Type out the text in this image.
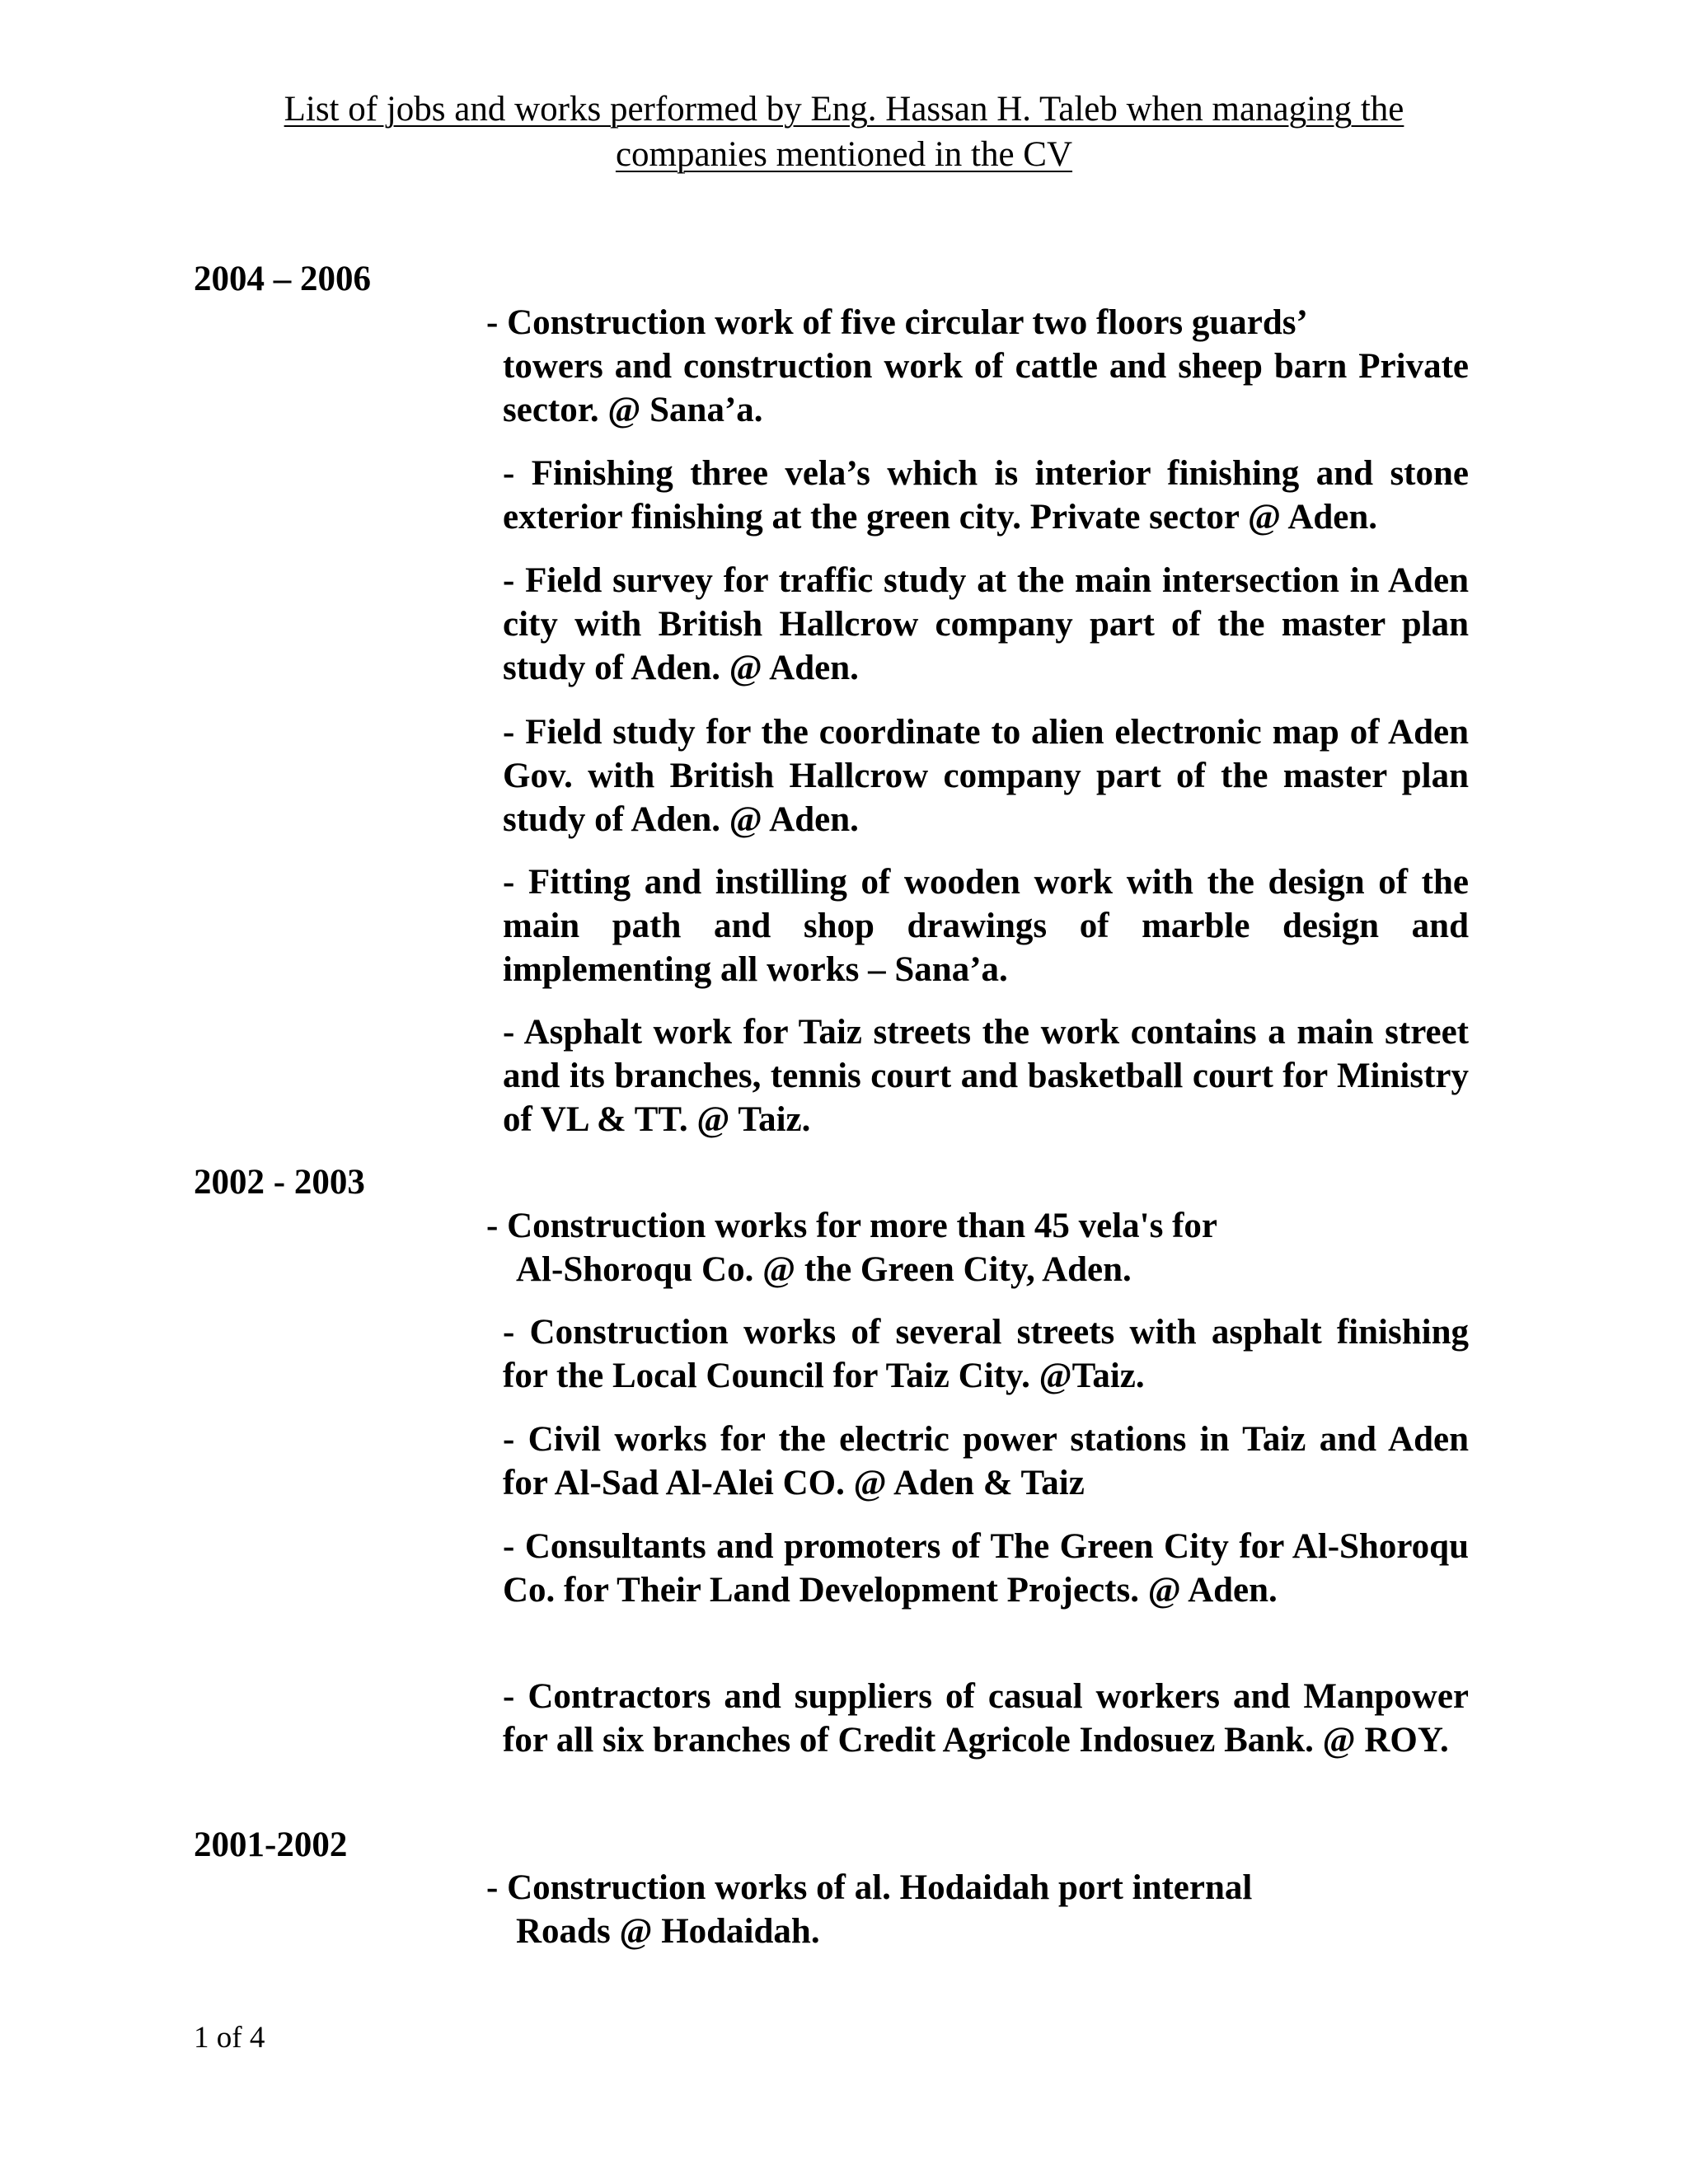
List of jobs and works performed by Eng. Hassan H. Taleb when managing the
companies mentioned in the CV
2004 – 2006
- Construction work of five circular two floors guards’
towers and construction work of cattle and sheep barn Private sector. @ Sana’a.
- Finishing three vela’s which is interior finishing and stone exterior finishing at the green city. Private sector @ Aden.
- Field survey for traffic study at the main intersection in Aden city with British Hallcrow company part of the master plan study of Aden. @ Aden.
- Field study for the coordinate to alien electronic map of Aden Gov. with British Hallcrow company part of the master plan study of Aden. @ Aden.
- Fitting and instilling of wooden work with the design of the main path and shop drawings of marble design and implementing all works – Sana’a.
- Asphalt work for Taiz streets the work contains a main street and its branches, tennis court and basketball court for Ministry of VL & TT. @ Taiz.
2002 - 2003
- Construction works for more than 45 vela's for
Al-Shoroqu Co. @ the Green City, Aden.
- Construction works of several streets with asphalt finishing for the Local Council for Taiz City. @Taiz.
- Civil works for the electric power stations in Taiz and Aden for Al-Sad Al-Alei CO. @ Aden & Taiz
- Consultants and promoters of The Green City for Al-Shoroqu Co. for Their Land Development Projects. @ Aden.
- Contractors and suppliers of casual workers and Manpower for all six branches of Credit Agricole Indosuez Bank. @ ROY.
2001-2002
- Construction works of al. Hodaidah port internal
Roads @ Hodaidah.
1 of 4
